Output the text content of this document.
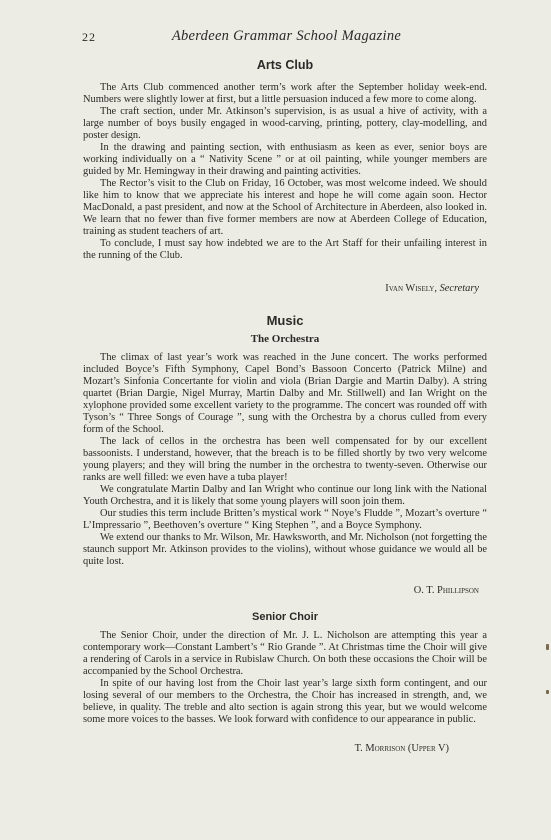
22	Aberdeen Grammar School Magazine
Arts Club

The Arts Club commenced another term’s work after the September holiday week-end. Numbers were slightly lower at first, but a little persuasion induced a few more to come along.

The craft section, under Mr. Atkinson’s supervision, is as usual a hive of activity, with a large number of boys busily engaged in wood-carving, printing, pottery, clay-modelling, and poster design.

In the drawing and painting section, with enthusiasm as keen as ever, senior boys are working individually on a “ Nativity Scene ” or at oil painting, while younger members are guided by Mr. Hemingway in their drawing and painting activities.

The Rector’s visit to the Club on Friday, 16 October, was most welcome indeed. We should like him to know that we appreciate his interest and hope he will come again soon. Hector MacDonald, a past president, and now at the School of Architecture in Aberdeen, also looked in. We learn that no fewer than five former members are now at Aberdeen College of Education, training as student teachers of art.

To conclude, I must say how indebted we are to the Art Staff for their unfailing interest in the running of the Club.

Ivan Wisely, Secretary
Music
The Orchestra

The climax of last year’s work was reached in the June concert. The works performed included Boyce’s Fifth Symphony, Capel Bond’s Bassoon Concerto (Patrick Milne) and Mozart’s Sinfonia Concertante for violin and viola (Brian Dargie and Martin Dalby). A string quartet (Brian Dargie, Nigel Murray, Martin Dalby and Mr. Stillwell) and Ian Wright on the xylophone provided some excellent variety to the programme. The concert was rounded off with Tyson’s “ Three Songs of Courage ”, sung with the Orchestra by a chorus culled from every form of the School.

The lack of cellos in the orchestra has been well compensated for by our excellent bassoonists. I understand, however, that the breach is to be filled shortly by two very welcome young players; and they will bring the number in the orchestra to twenty-seven. Otherwise our ranks are well filled: we even have a tuba player!

We congratulate Martin Dalby and Ian Wright who continue our long link with the National Youth Orchestra, and it is likely that some young players will soon join them.

Our studies this term include Britten’s mystical work “ Noye’s Fludde ”, Mozart’s overture “ L’Impressario ”, Beethoven’s overture “ King Stephen ”, and a Boyce Symphony.

We extend our thanks to Mr. Wilson, Mr. Hawksworth, and Mr. Nicholson (not forgetting the staunch support Mr. Atkinson provides to the violins), without whose guidance we would all be quite lost.

O. T. Phillipson
Senior Choir

The Senior Choir, under the direction of Mr. J. L. Nicholson are attempting this year a contemporary work—Constant Lambert’s “ Rio Grande ”. At Christmas time the Choir will give a rendering of Carols in a service in Rubislaw Church. On both these occasions the Choir will be accompanied by the School Orchestra.

In spite of our having lost from the Choir last year’s large sixth form contingent, and our losing several of our members to the Orchestra, the Choir has increased in strength, and, we believe, in quality. The treble and alto section is again strong this year, but we would welcome some more voices to the basses. We look forward with confidence to our appearance in public.

T. Morrison (Upper V)
